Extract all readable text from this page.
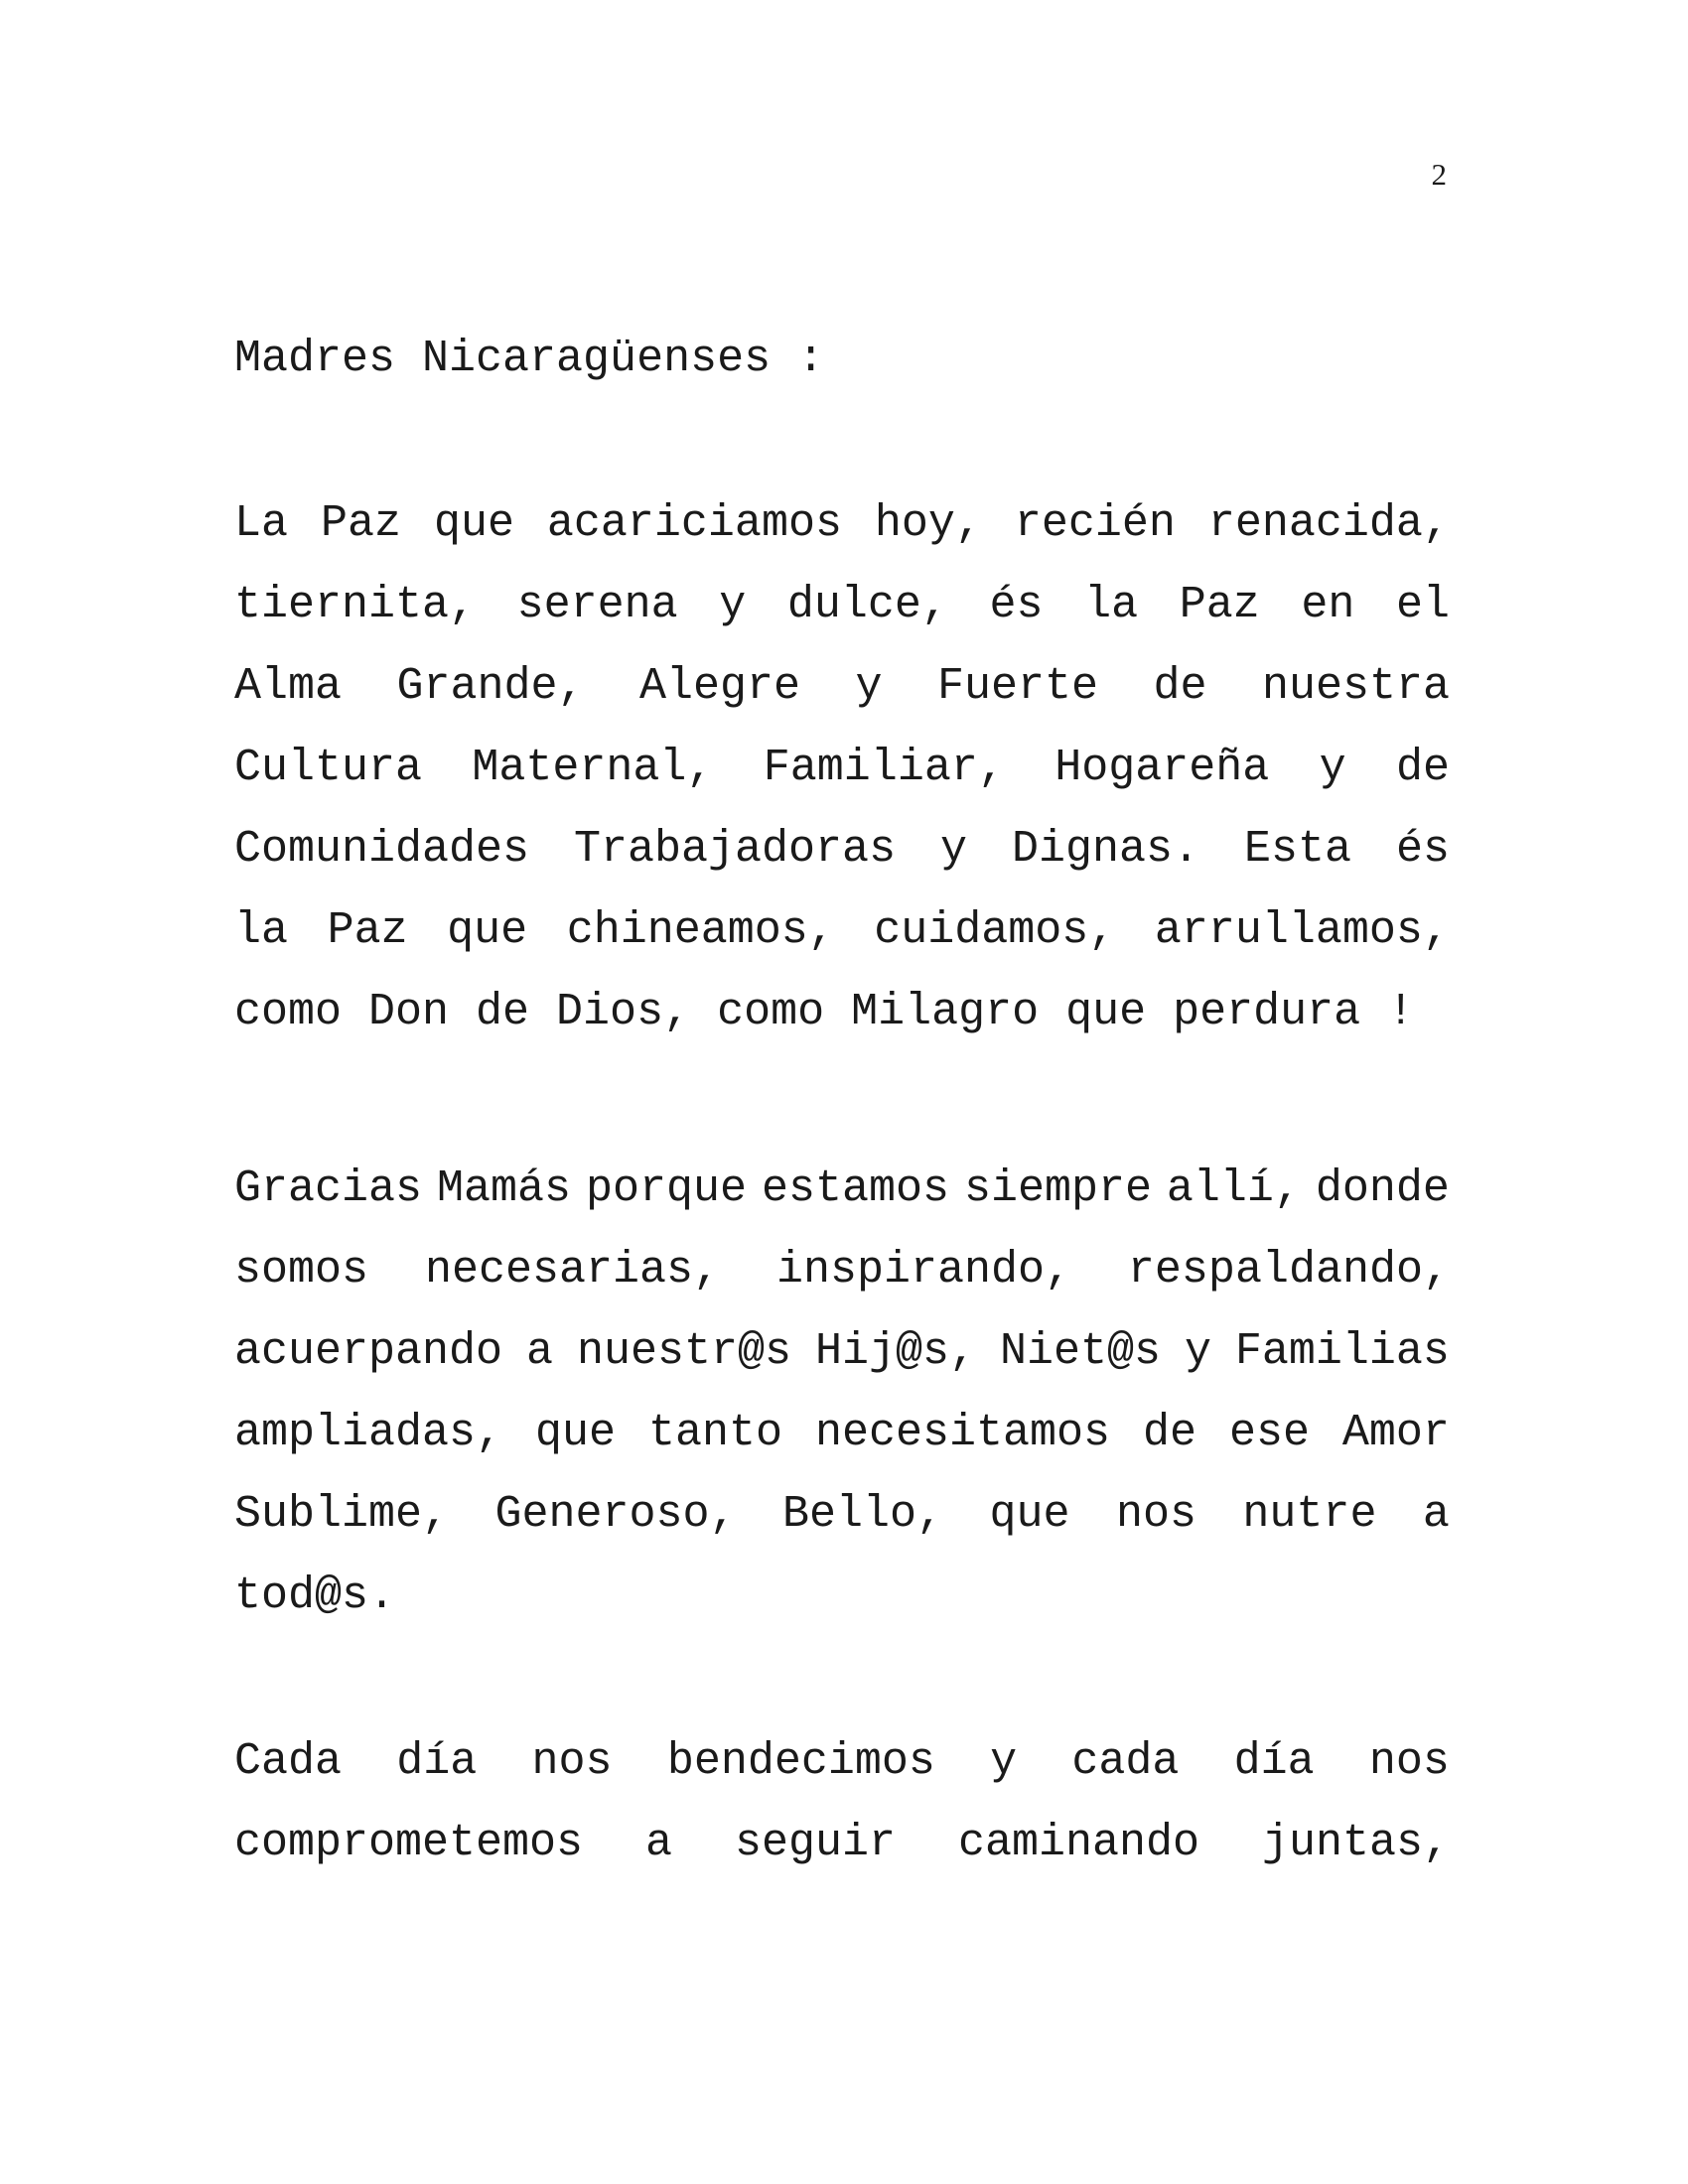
2
Madres Nicaragüenses :
La Paz que acariciamos hoy, recién renacida,
tiernita, serena y dulce, és la Paz en el
Alma Grande, Alegre y Fuerte de nuestra
Cultura Maternal, Familiar, Hogareña y de
Comunidades Trabajadoras y Dignas. Esta és
la Paz que chineamos, cuidamos, arrullamos,
como Don de Dios, como Milagro que perdura !
Gracias Mamás porque estamos siempre allí, donde
somos necesarias, inspirando, respaldando,
acuerpando a nuestr@s Hij@s, Niet@s y Familias
ampliadas, que tanto necesitamos de ese Amor
Sublime, Generoso, Bello, que nos nutre a
tod@s.
Cada día nos bendecimos y cada día nos
comprometemos a seguir caminando juntas,
